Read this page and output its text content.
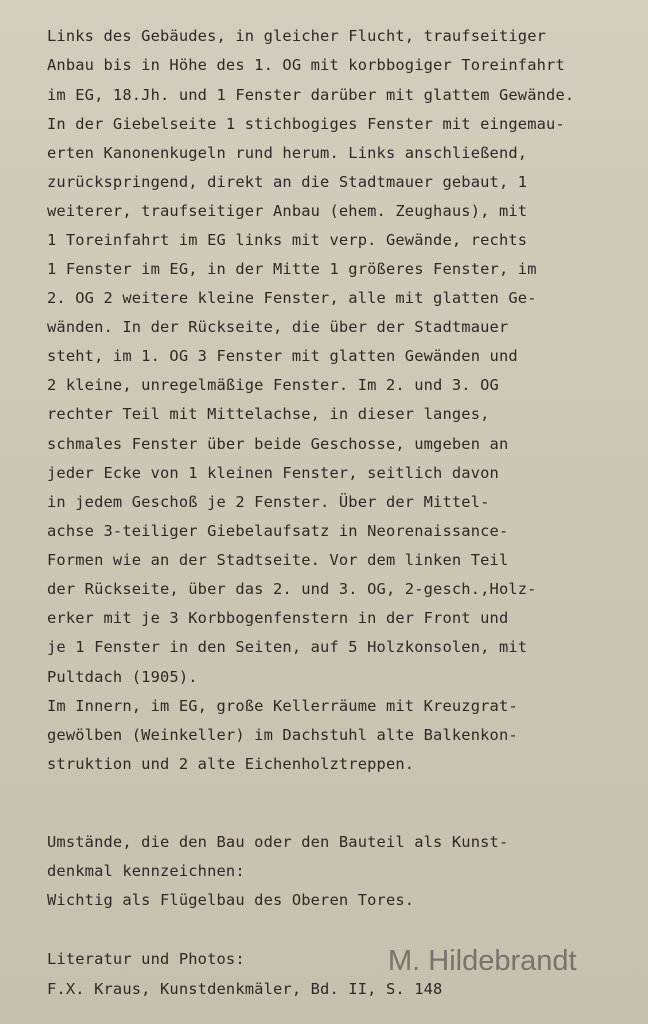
Links des Gebäudes, in gleicher Flucht, traufseitiger
Anbau bis in Höhe des 1. OG mit korbbogiger Toreinfahrt
im EG, 18.Jh. und 1 Fenster darüber mit glattem Gewände.
In der Giebelseite 1 stichbogiges Fenster mit eingemau-
erten Kanonenkugeln rund herum. Links anschließend,
zurückspringend, direkt an die Stadtmauer gebaut, 1
weiterer, traufseitiger Anbau (ehem. Zeughaus), mit
1 Toreinfahrt im EG links mit verp. Gewände, rechts
1 Fenster im EG, in der Mitte 1 größeres Fenster, im
2. OG 2 weitere kleine Fenster, alle mit glatten Ge-
wänden. In der Rückseite, die über der Stadtmauer
steht, im 1. OG 3 Fenster mit glatten Gewänden und
2 kleine, unregelmäßige Fenster. Im 2. und 3. OG
rechter Teil mit Mittelachse, in dieser langes,
schmales Fenster über beide Geschosse, umgeben an
jeder Ecke von 1 kleinen Fenster, seitlich davon
in jedem Geschoß je 2 Fenster. Über der Mittel-
achse 3-teiliger Giebelaufsatz in Neorenaissance-
Formen wie an der Stadtseite. Vor dem linken Teil
der Rückseite, über das 2. und 3. OG, 2-gesch.,Holz-
erker mit je 3 Korbbogenfenstern in der Front und
je 1 Fenster in den Seiten, auf 5 Holzkonsolen, mit
Pultdach (1905).
Im Innern, im EG, große Kellerräume mit Kreuzgrat-
gewölben (Weinkeller) im Dachstuhl alte Balkenkon-
struktion und 2 alte Eichenholztreppen.
Umstände, die den Bau oder den Bauteil als Kunst-
denkmal kennzeichnen:
Wichtig als Flügelbau des Oberen Tores.
Literatur und Photos:
F.X. Kraus, Kunstdenkmäler, Bd. II, S. 148
M. Hildebrandt
